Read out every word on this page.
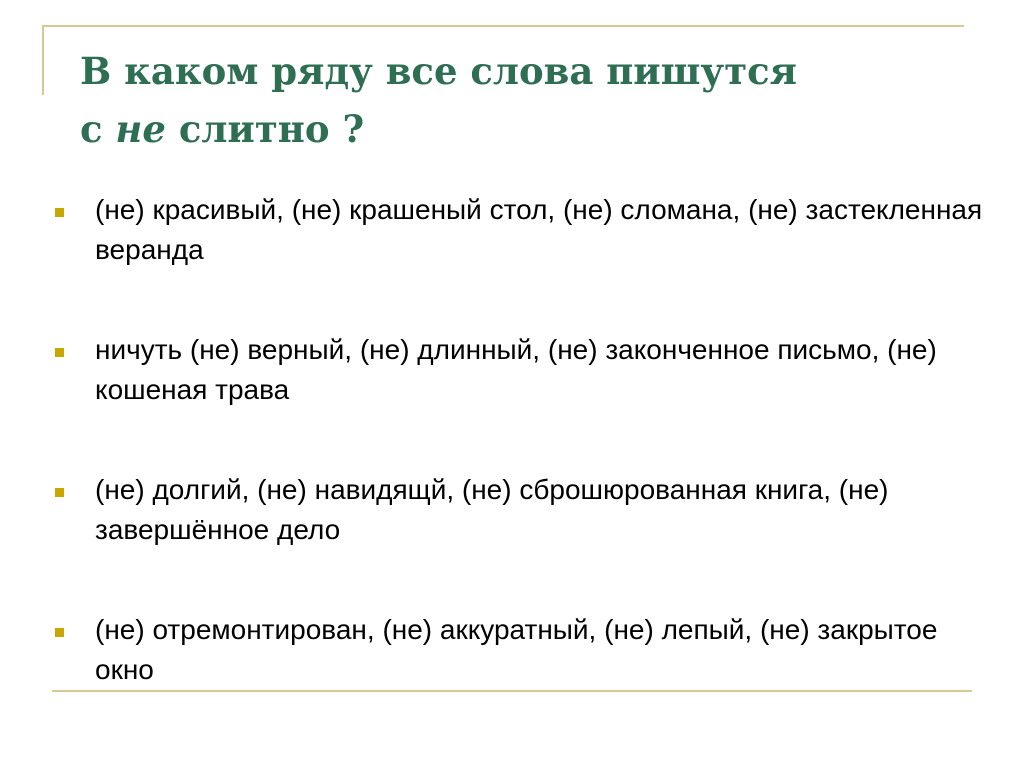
В каком ряду все слова пишутся
с не слитно ?
(не) красивый, (не) крашеный стол, (не) сломана, (не) застекленная веранда
ничуть (не) верный, (не) длинный, (не) законченное письмо, (не) кошеная трава
(не) долгий, (не) навидящй, (не) сброшюрованная книга, (не) завершённое дело
(не) отремонтирован, (не) аккуратный, (не) лепый, (не) закрытое окно
